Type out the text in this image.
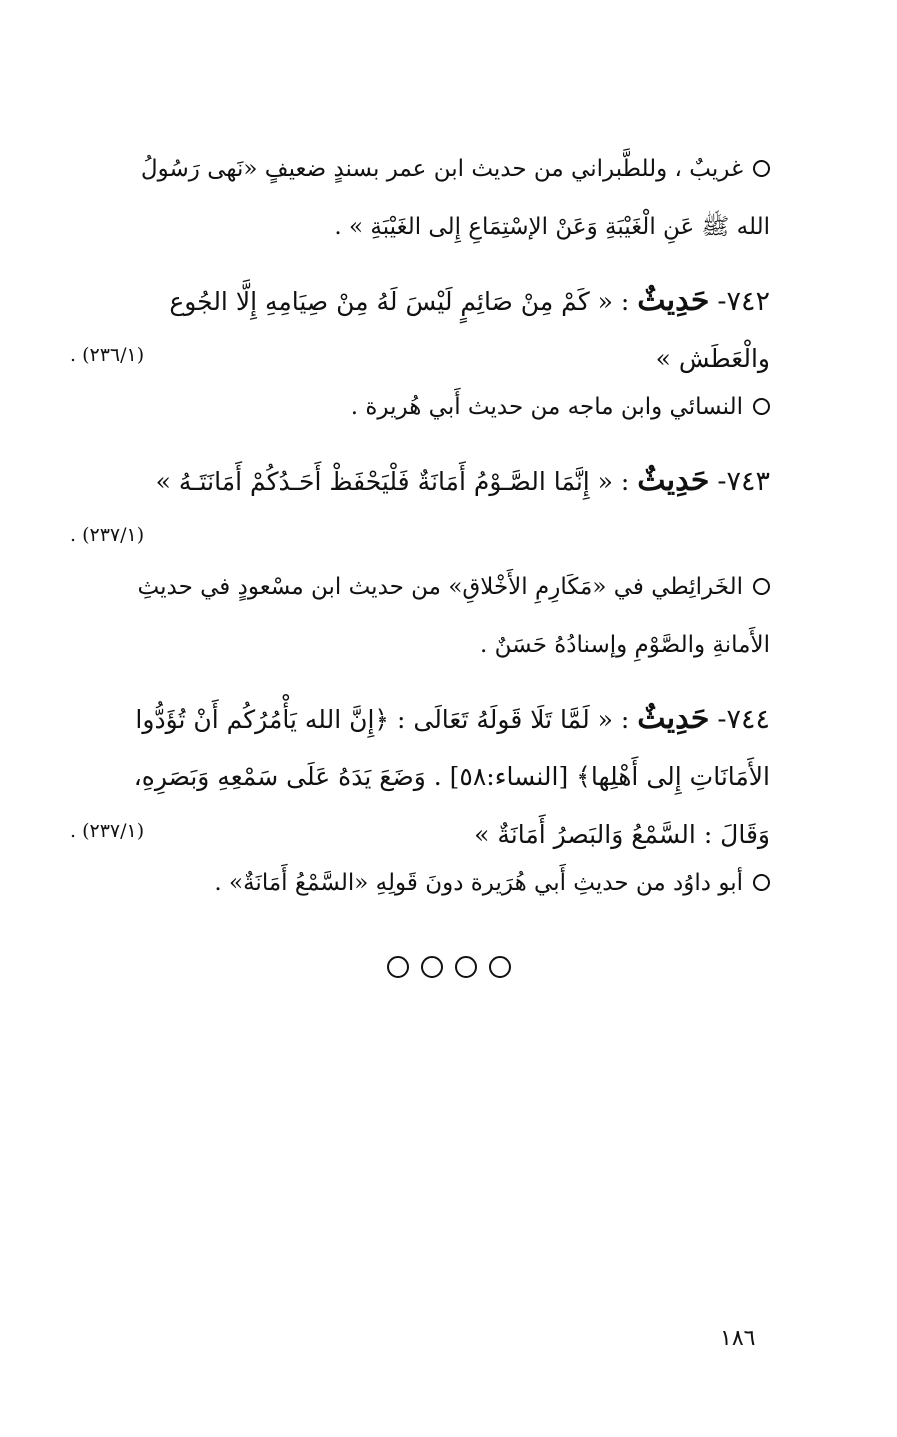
غريبٌ ، وللطَّبراني من حديث ابن عمر بسندٍ ضعيفٍ «نَهى رَسُولُ
الله ﷺ عَنِ الْغَيْبَةِ وَعَنْ الإسْتِمَاعِ إِلى الغَيْبَةِ » .
٧٤٢- حَدِيثٌ : « كَمْ مِنْ صَائِمٍ لَيْسَ لَهُ مِنْ صِيَامِهِ إِلَّا الجُوع
والْعَطَش »
(٢٣٦/١) .
النسائي وابن ماجه من حديث أَبي هُريرة .
٧٤٣- حَدِيثٌ : « إِنَّمَا الصَّـوْمُ أَمَانَةٌ فَلْيَحْفَظْ أَحَـدُكُمْ أَمَانَتَـهُ »
(٢٣٧/١) .
الخَرائِطي في «مَكَارِمِ الأَخْلاقِ» من حديث ابن مسْعودٍ في حديثِ
الأَمانةِ والصَّوْمِ وإسنادُهُ حَسَنٌ .
٧٤٤- حَدِيثٌ : « لَمَّا تَلَا قَولَهُ تَعَالَى : ﴿إِنَّ الله يَأْمُرُكُم أَنْ تُؤَدُّوا
الأَمَانَاتِ إِلى أَهْلِها﴾ [النساء:٥٨] . وَضَعَ يَدَهُ عَلَى سَمْعِهِ وَبَصَرِهِ،
وَقَالَ : السَّمْعُ وَالبَصرُ أَمَانَةٌ »
(٢٣٧/١) .
أبو داوُد من حديثِ أَبي هُرَيرة دونَ قَولِهِ «السَّمْعُ أَمَانَةٌ» .
١٨٦
